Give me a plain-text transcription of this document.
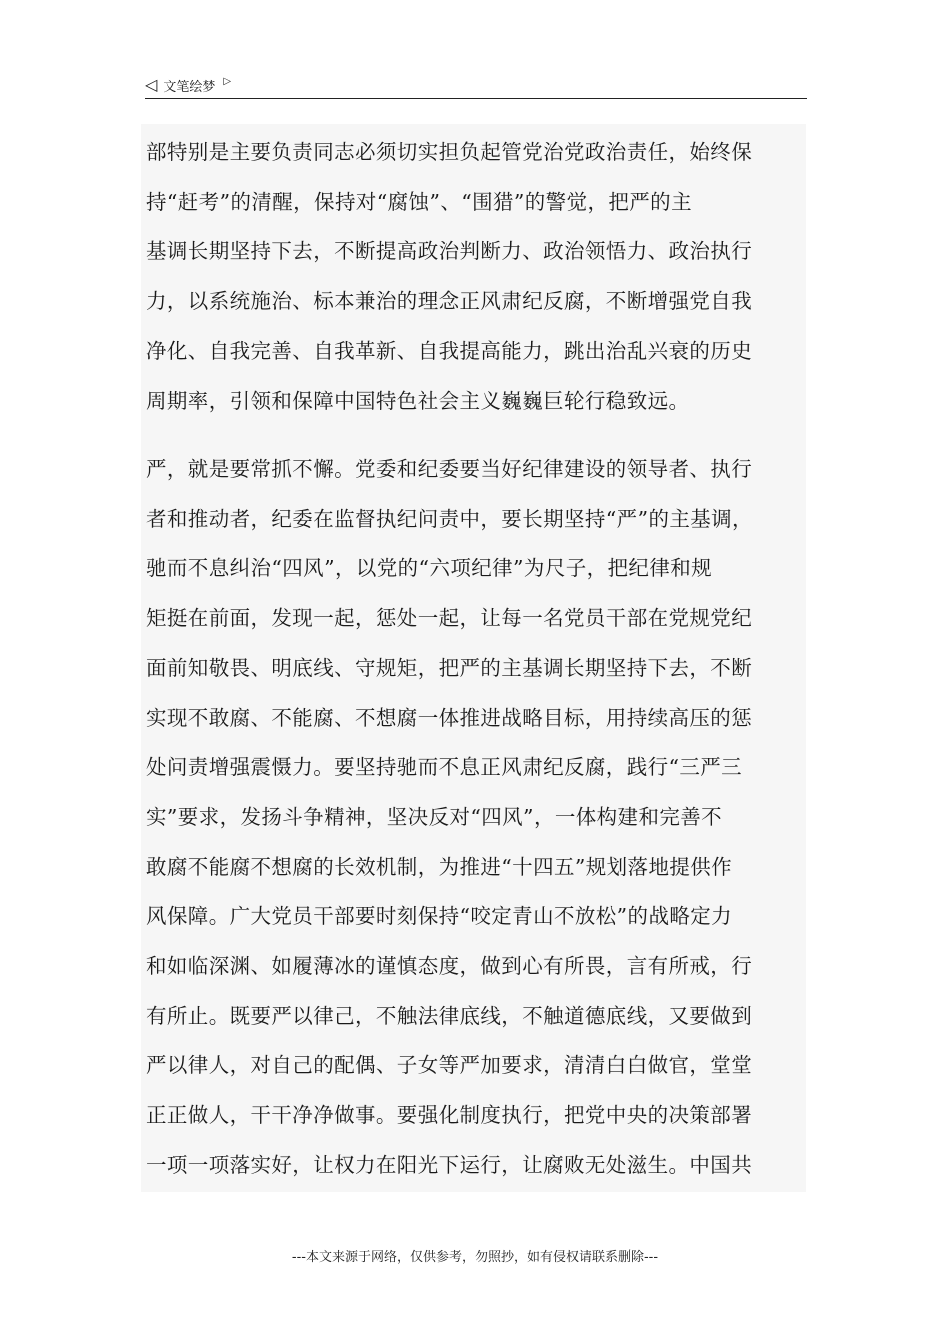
◁ 文笔绘梦 ▷
部特别是主要负责同志必须切实担负起管党治党政治责任，始终保
持“赶考”的清醒，保持对“腐蚀”、“围猎”的警觉，把严的主
基调长期坚持下去，不断提高政治判断力、政治领悟力、政治执行
力，以系统施治、标本兼治的理念正风肃纪反腐，不断增强党自我
净化、自我完善、自我革新、自我提高能力，跳出治乱兴衰的历史
周期率，引领和保障中国特色社会主义巍巍巨轮行稳致远。
严，就是要常抓不懈。党委和纪委要当好纪律建设的领导者、执行
者和推动者，纪委在监督执纪问责中，要长期坚持“严”的主基调，
驰而不息纠治“四风”，以党的“六项纪律”为尺子，把纪律和规
矩挺在前面，发现一起，惩处一起，让每一名党员干部在党规党纪
面前知敬畏、明底线、守规矩，把严的主基调长期坚持下去，不断
实现不敢腐、不能腐、不想腐一体推进战略目标，用持续高压的惩
处问责增强震慑力。要坚持驰而不息正风肃纪反腐，践行“三严三
实”要求，发扬斗争精神，坚决反对“四风”，一体构建和完善不
敢腐不能腐不想腐的长效机制，为推进“十四五”规划落地提供作
风保障。广大党员干部要时刻保持“咬定青山不放松”的战略定力
和如临深渊、如履薄冰的谨慎态度，做到心有所畏，言有所戒，行
有所止。既要严以律己，不触法律底线，不触道德底线，又要做到
严以律人，对自己的配偶、子女等严加要求，清清白白做官，堂堂
正正做人，干干净净做事。要强化制度执行，把党中央的决策部署
一项一项落实好，让权力在阳光下运行，让腐败无处滋生。中国共
---本文来源于网络，仅供参考，勿照抄，如有侵权请联系删除---
